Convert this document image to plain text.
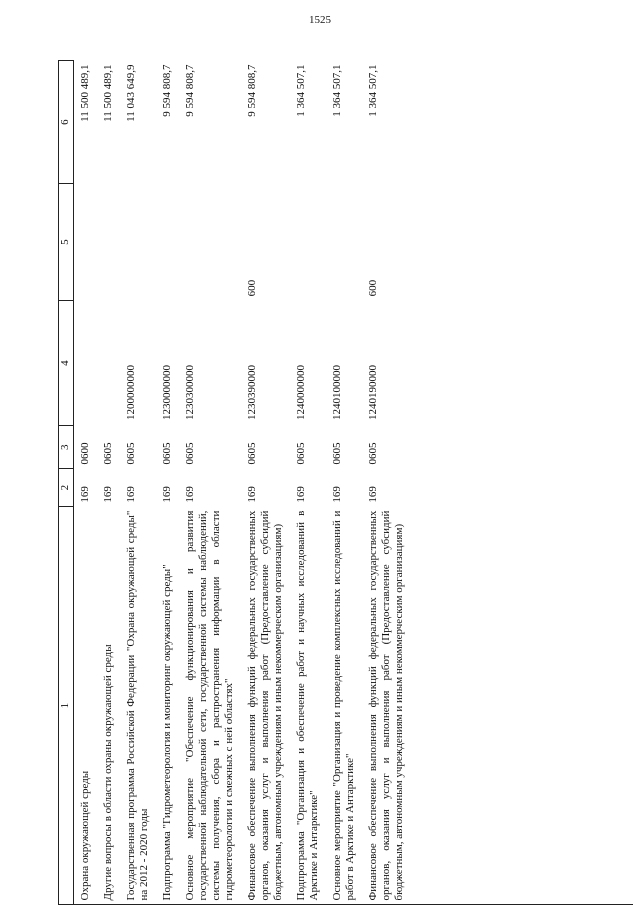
1525
1	2	3	4	5	6
Охрана окружающей среды	169	0600			11 500 489,1
Другие вопросы в области охраны окружающей среды	169	0605			11 500 489,1
Государственная программа Российской Федерации "Охрана окружающей среды" на 2012 - 2020 годы	169	0605	1200000000		11 043 649,9
Подпрограмма "Гидрометеорология и мониторинг окружающей среды"	169	0605	1230000000		9 594 808,7
Основное мероприятие "Обеспечение функционирования и развития государственной наблюдательной сети, государственной системы наблюдений, системы получения, сбора и распространения информации в области гидрометеорологии и смежных с ней областях"	169	0605	1230300000		9 594 808,7
Финансовое обеспечение выполнения функций федеральных государственных органов, оказания услуг и выполнения работ (Предоставление субсидий бюджетным, автономным учреждениям и иным некоммерческим организациям)	169	0605	1230390000	600	9 594 808,7
Подпрограмма "Организация и обеспечение работ и научных исследований в Арктике и Антарктике"	169	0605	1240000000		1 364 507,1
Основное мероприятие "Организация и проведение комплексных исследований и работ в Арктике и Антарктике"	169	0605	1240100000		1 364 507,1
Финансовое обеспечение выполнения функций федеральных государственных органов, оказания услуг и выполнения работ (Предоставление субсидий бюджетным, автономным учреждениям и иным некоммерческим организациям)	169	0605	1240190000	600	1 364 507,1
